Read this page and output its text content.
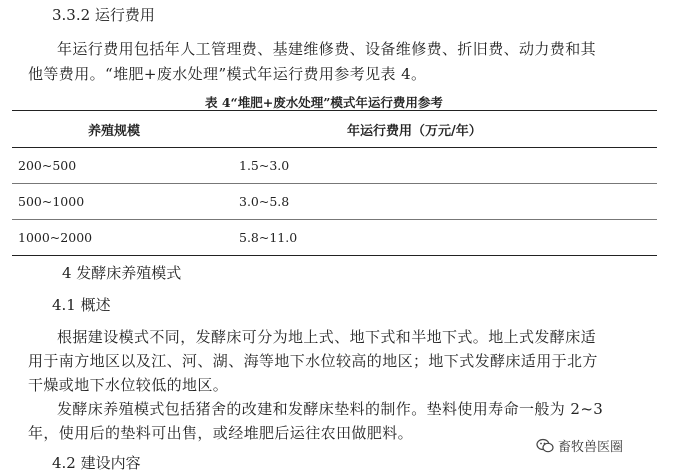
3.3.2 运行费用
年运行费用包括年人工管理费、基建维修费、设备维修费、折旧费、动力费和其
他等费用。“堆肥+废水处理”模式年运行费用参考见表 4。
表 4“堆肥+废水处理”模式年运行费用参考
养殖规模	年运行费用（万元/年）
200~500	1.5~3.0
500~1000	3.0~5.8
1000~2000	5.8~11.0
4 发酵床养殖模式
4.1 概述
根据建设模式不同，发酵床可分为地上式、地下式和半地下式。地上式发酵床适
用于南方地区以及江、河、湖、海等地下水位较高的地区；地下式发酵床适用于北方
干燥或地下水位较低的地区。
发酵床养殖模式包括猪舍的改建和发酵床垫料的制作。垫料使用寿命一般为 2~3
年，使用后的垫料可出售，或经堆肥后运往农田做肥料。
4.2 建设内容
畜牧兽医圈
